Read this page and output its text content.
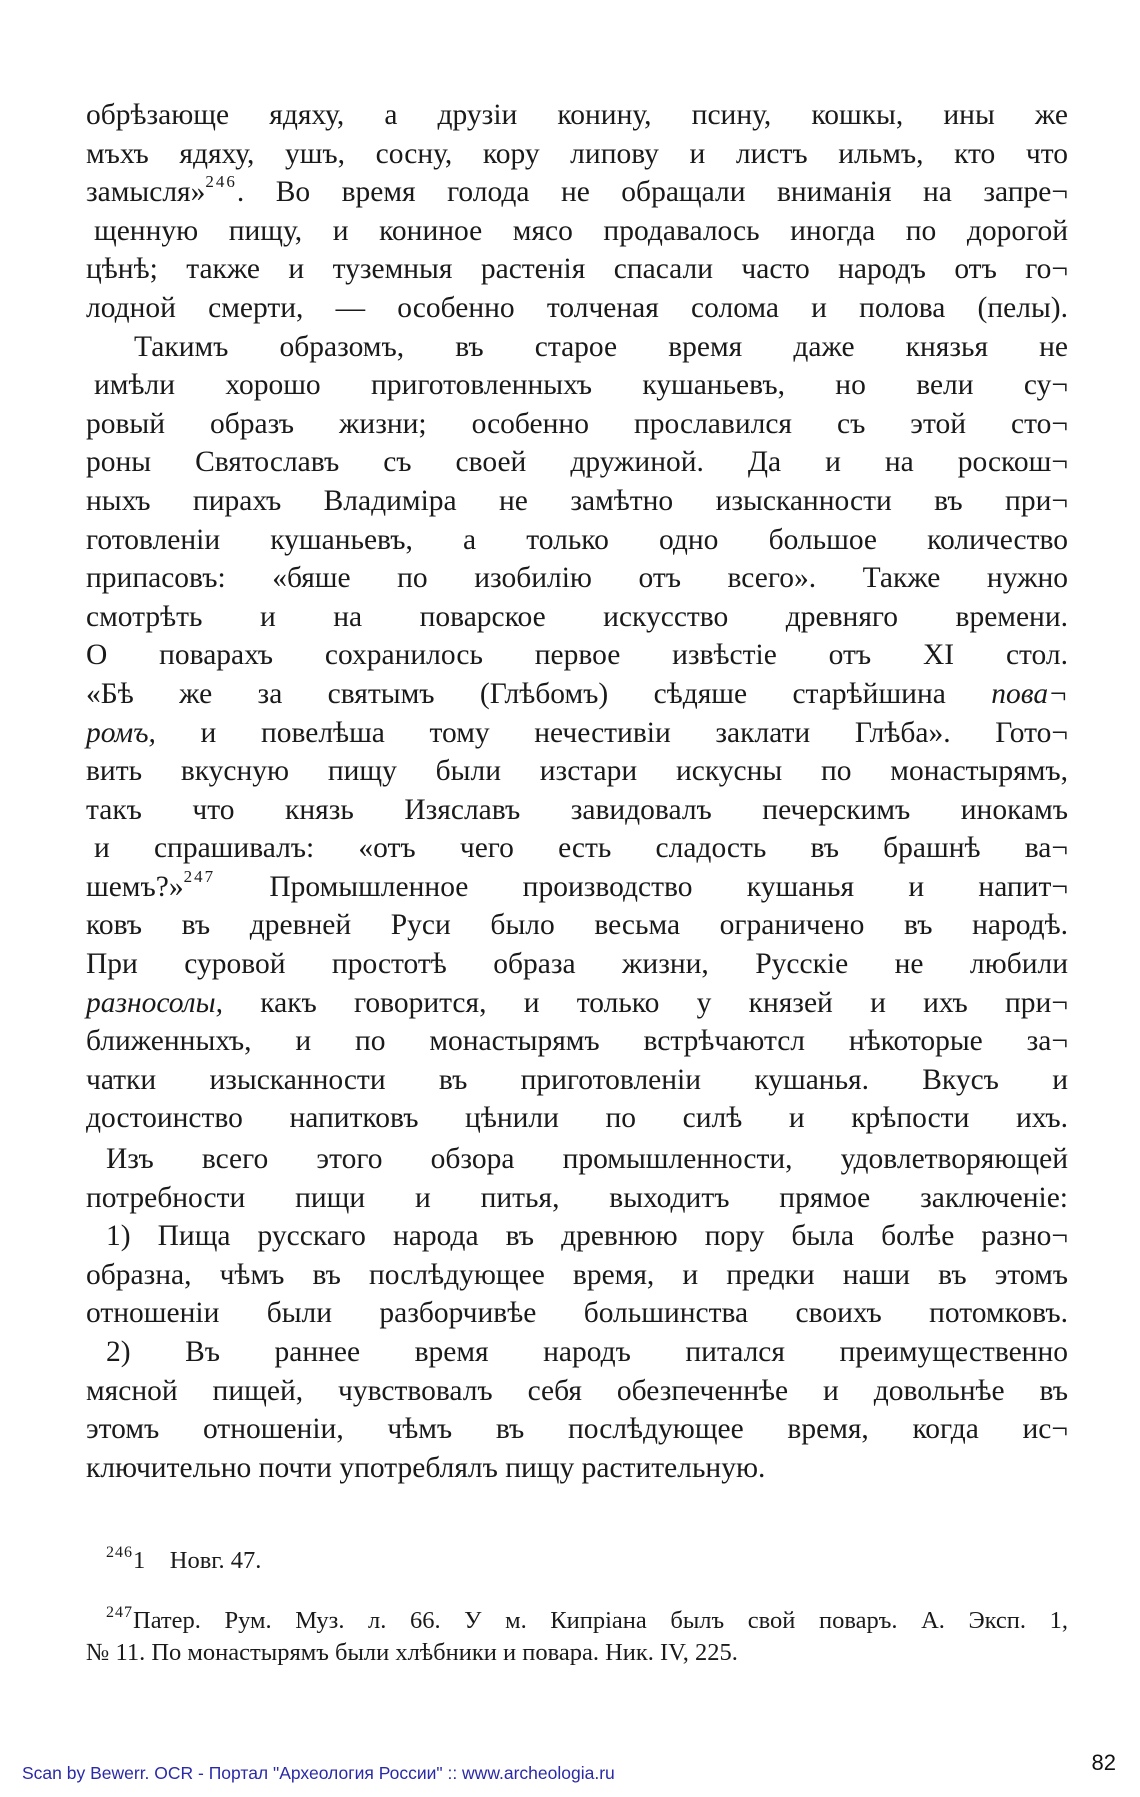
обрѣзающе ядяху, а друзіи конину, псину, кошкы, ины же
мъхъ ядяху, ушъ, сосну, кору липову и листъ ильмъ, кто что
замысля»$^{246}$. Во время голода не обращали вниманія на запре¬
щенную пищу, и кониное мясо продавалось иногда по дорогой
цѣнѣ; также и туземныя растенія спасали часто народъ отъ го¬
лодной смерти, — особенно толченая солома и полова (пелы).
Такимъ образомъ, въ старое время даже князья не
имѣли хорошо приготовленныхъ кушаньевъ, но вели су¬
ровый образъ жизни; особенно прославился съ этой сто¬
роны Святославъ съ своей дружиной. Да и на роскош¬
ныхъ пирахъ Владиміра не замѣтно изысканности въ при¬
готовленіи кушаньевъ, а только одно большое количество
припасовъ: «бяше по изобилію отъ всего». Также нужно
смотрѣть и на поварское искусство древняго времени.
О поварахъ сохранилось первое извѣстіе отъ XI стол.
«Бѣ же за святымъ (Глѣбомъ) сѣдяше старѣйшина пова¬
ромъ, и повелѣша тому нечестивіи заклати Глѣба». Гото¬
вить вкусную пищу были изстари искусны по монастырямъ,
такъ что князь Изяславъ завидовалъ печерскимъ инокамъ
и спрашивалъ: «отъ чего есть сладость въ брашнѣ ва¬
шемъ?»$^{247}$ Промышленное производство кушанья и напит¬
ковъ въ древней Руси было весьма ограничено въ народѣ.
При суровой простотѣ образа жизни, Русскіе не любили
разносолы, какъ говорится, и только у князей и ихъ при¬
ближенныхъ, и по монастырямъ встрѣчаютсл нѣкоторые за¬
чатки изысканности въ приготовленіи кушанья. Вкусъ и
достоинство напитковъ цѣнили по силѣ и крѣпости ихъ.
Изъ всего этого обзора промышленности, удовлетворяющей
потребности пищи и питья, выходитъ прямое заключеніе:
1) Пища русскаго народа въ древнюю пору была болѣе разно¬
образна, чѣмъ въ послѣдующее время, и предки наши въ этомъ
отношеніи были разборчивѣе большинства своихъ потомковъ.
2) Въ раннее время народъ питался преимущественно
мясной пищей, чувствовалъ себя обезпеченнѣе и довольнѣе въ
этомъ отношеніи, чѣмъ въ послѣдующее время, когда ис¬
ключительно почти употреблялъ пищу растительную.
$^{246}$1    Новг. 47.
$^{247}$Патер. Рум. Муз. л. 66. У м. Кипріана былъ свой поваръ. А. Эксп. 1,
№ 11. По монастырямъ были хлѣбники и повара. Ник. IV, 225.
Scan by Bewerr. OCR - Портал "Археология России" :: www.archeologia.ru	82
